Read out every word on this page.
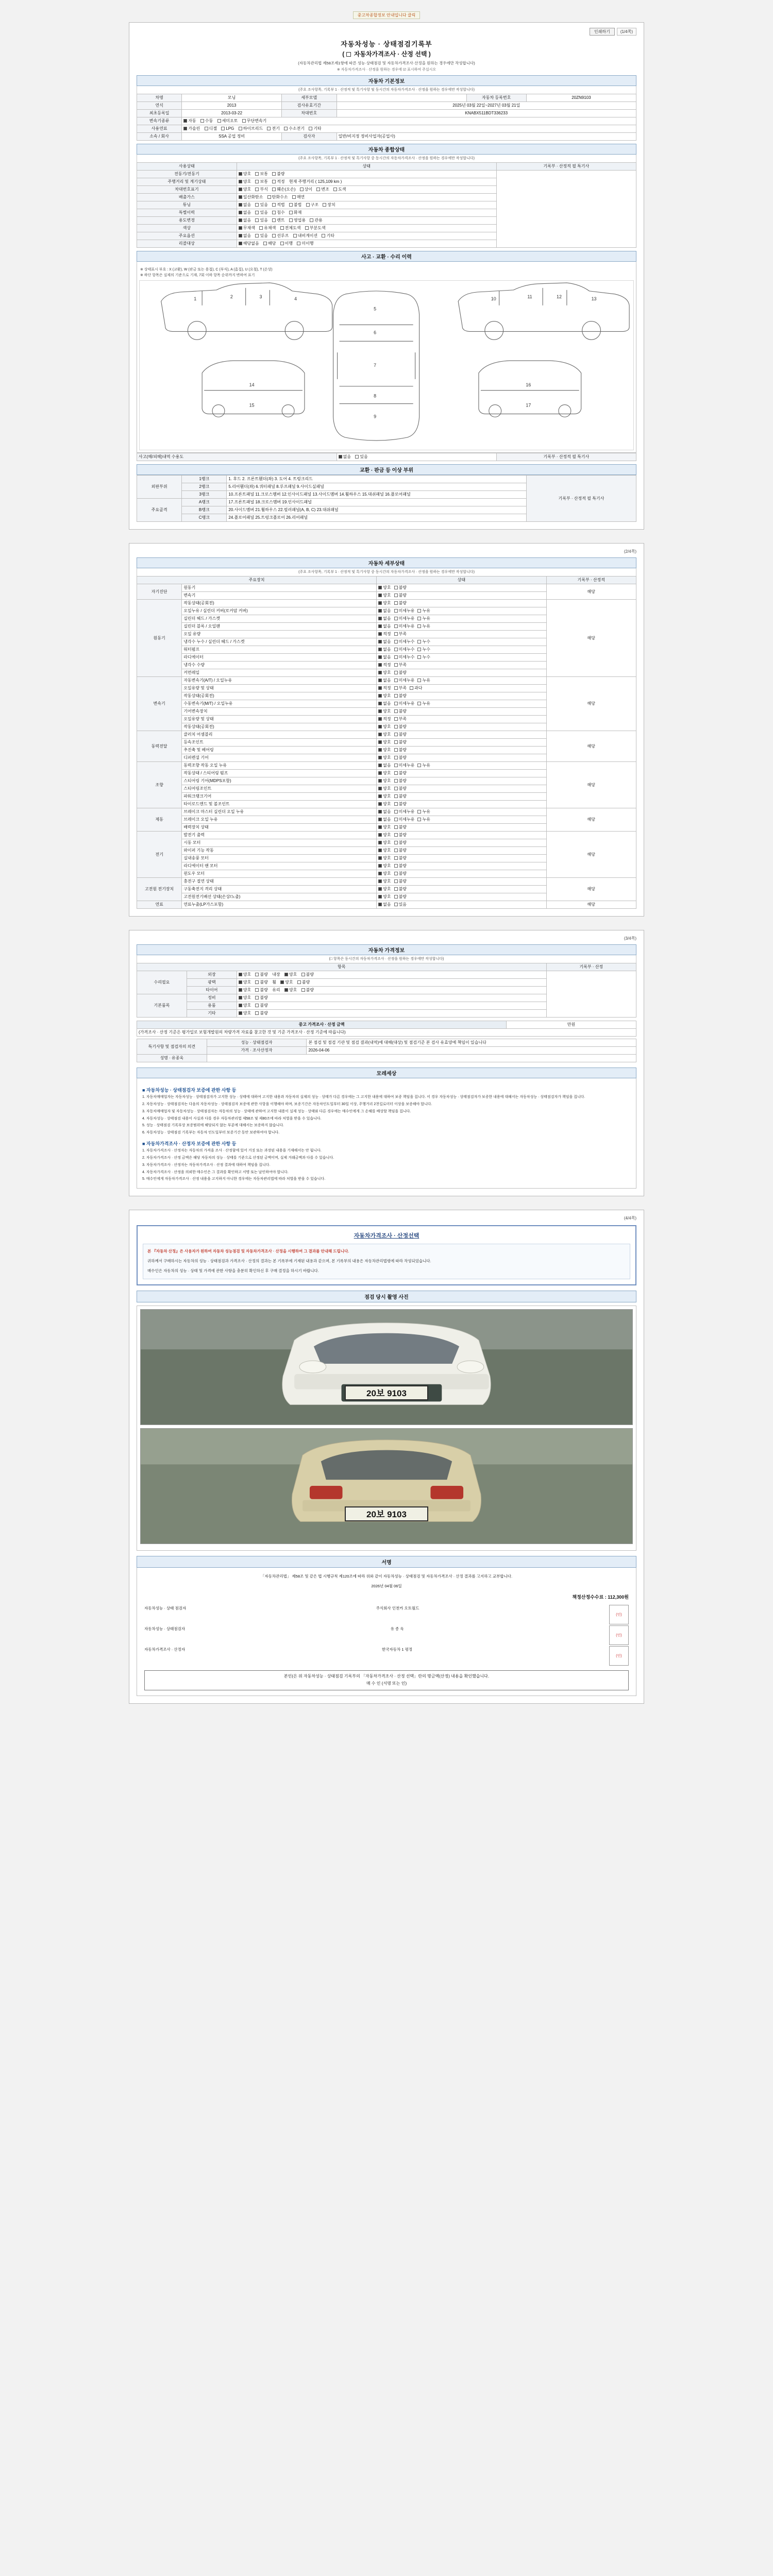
중고차종합정보 안내입니다 클릭
인쇄하기	(1/4쪽)
자동차성능 · 상태점검기록부
( 자동차가격조사 · 산정 선택 )
(자동차관리법 제58조제1항에 따른 성능·상태점검 및 자동차가격조사·산정을 원하는 경우에만 작성합니다)
※ 자동차가격조사 · 산정을 원하는 경우에 ☑ 표시하여 주십시오
자동차 기본정보
(주요 조사항목, 기록부 1 · 산정적 및 특기사항 및 동시간의 자동차가격조사 · 산정을 원하는 경우에만 작성합니다)
차명	모닝	세부모델		자동차 등록번호	20ZN9103
연식	2013	검사유효기간	2025년 03월 22일~2027년 03월 21일		
최초등록일	2013-03-22	차대번호	KNABX511BDT336233		
변속기종류	자동 수동 세미오토 무단변속기				
사용연료	가솔린 디젤 LPG 하이브리드 전기 수소전기 기타				
소속 / 회사	SSA 공업 정비	검사자	일반/비지정 정비사업자(공업사)		
자동차 종합상태
(주요 조사항목, 기록부 1 · 산정적 및 특기사항 중 동시간의 자동차가격조사 · 산정을 원하는 경우에만 작성합니다)
사용상태	상태	기록부 · 산정적 필 특기사
전동기/전동기	양호 보통 불량	
주행거리 및 계기상태	양호 보통 적정 현재 주행거리 ( 125,109 km )	
차대번호표기	양호 부식 훼손(오손) 상이 변조 도색	
배출가스	일산화탄소 탄화수소 매연	
튜닝	없음 있음 적법 불법 구조 장치	
특별이력	없음 있음 침수 화재	
용도변경	없음 있음 렌트 영업용 관용	
색상	무채색 유채색 전체도색 부분도색	
주요옵션	없음 있음 선루프 내비게이션 기타	
리콜대상	해당없음 해당 이행 미이행	
사고 · 교환 · 수리 이력
※ 상태표시 부호 : X (교환), W (판금 또는 용접), C (부식), A (흠집), U (요철), T (손상)
※ 하단 항목은 실제의 기준으로 기재, 7회 이하 항목 순위까지 변하여 표기
1	2	3	4
5
6
7
8
9
10	11	12	13
14
15
16
17
사고(해/피해)내역 수용도	없음 있음	기록부 · 산정적 필 특기사
교환 · 판금 등 이상 부위
외판부위	1랭크	1. 후드 2. 프론트휀더(좌) 3. 도어 4. 트렁크리드	기록부 · 산정적 필 특기사
	2랭크	5.리어휀더(좌) 6.쿼터패널 8.루프패널 9.사이드실패널	
	3랭크	10.프론트패널 11.크로스멤버 12.인사이드패널 13.사이드멤버 14.휠하우스 15.대쉬패널 16.플로어패널	
주요골격	A랭크	17.프론트패널 18.크로스멤버 19.인사이드패널	
	B랭크	20.사이드멤버 21.휠하우스 22.필러패널(A, B, C) 23.대쉬패널	
	C랭크	24.플로어패널 25.트렁크플로어 26.리어패널	
(2/4쪽)
자동차 세부상태
(주요 조사항목, 기록부 1 · 산정적 및 특기사항 중 동시간의 자동차가격조사 · 산정을 원하는 경우에만 작성합니다)
주요장치		상태	기록부 · 산정적
자기진단	원동기	양호 불량	해당
	변속기	양호 불량	
원동기	작동상태(공회전)	양호 불량	해당
	오일누유 / 실린더 커버(로커암 커버)	없음 미세누유 누유	
	실린더 헤드 / 가스켓	없음 미세누유 누유	
	실린더 블록 / 오일팬	없음 미세누유 누유	
	오일 유량	적정 부족	
	냉각수 누수 / 실린더 헤드 / 가스켓	없음 미세누수 누수	
	워터펌프	없음 미세누수 누수	
	라디에이터	없음 미세누수 누수	
	냉각수 수량	적정 부족	
	커먼레일	양호 불량	
변속기	자동변속기(A/T) / 오일누유	없음 미세누유 누유	해당
	오일유량 및 상태	적정 부족 과다	
	작동상태(공회전)	양호 불량	
	수동변속기(M/T) / 오일누유	없음 미세누유 누유	
	기어변속장치	양호 불량	
	오일유량 및 상태	적정 부족	
	작동상태(공회전)	양호 불량	
동력전달	클러치 어셈블리	양호 불량	해당
	등속조인트	양호 불량	
	추진축 및 베어링	양호 불량	
	디퍼렌셜 기어	양호 불량	
조향	동력조향 작동 오일 누유	없음 미세누유 누유	해당
	작동상태 / 스티어링 펌프	양호 불량	
	스티어링 기어(MDPS포함)	양호 불량	
	스티어링조인트	양호 불량	
	파워크랭크기어	양호 불량	
	타이로드엔드 및 볼조인트	양호 불량	
제동	브레이크 마스터 실린더 오일 누유	없음 미세누유 누유	해당
	브레이크 오일 누유	없음 미세누유 누유	
	배력장치 상태	양호 불량	
전기	발전기 출력	양호 불량	해당
	시동 모터	양호 불량	
	와이퍼 기능 작동	양호 불량	
	실내송풍 모터	양호 불량	
	라디에이터 팬 모터	양호 불량	
	윈도우 모터	양호 불량	
고전원 전기장치	충전구 절연 상태	양호 불량	해당
	구동축전지 격리 상태	양호 불량	
	고전원전기배선 상태(손상/노출)	양호 불량	
연료	연료누출(LP가스포함)	없음 있음	해당
(3/4쪽)
자동차 가격정보
(□ 항목은 동시간의 자동차가격조사 · 산정을 원하는 경우에만 작성합니다)
항목			기록부 · 산정
수리필요	외장	양호 불량 내장 양호 불량	
	광택	양호 불량 휠 양호 불량	
	타이어	양호 불량 유리 양호 불량	
기본품목	정비	양호 불량	
	용품	양호 불량	
	기타	양호 불량	
중고 가격조사 · 산정 금액	만원
(가격조사 · 산정 기준은 평가일로 보험개발원의 차량가격 자료를 참고한 것 및 기준 가격조사 · 산정 기준에 따릅니다)
특기사항 및 점검자의 의견	성능 · 상태점검자	본 점검 및 점검 기관 및 점검 결과(내역)에 대해(대상) 및 점검기준 본 검사 유효양에 책임이 있습니다
	가격 · 조사산정자	2026-04-06
성명 · 유종욱		
모레세상
■ 자동차성능 · 상태점검자 보증에 관한 사항 등

1. 자동차매매업자는 자동차성능 · 상태점검자가 고지한 성능 · 상태에 대하여 고지한 내용과 자동차의 실제의 성능 · 상태가 다른 경우에는 그 고지한 내용에 대하여 보증 책임을 집니다. 이 경우 자동차성능 · 상태점검자가 보증한 내용에 대해서는 자동차성능 · 상태점검자가 책임을 집니다.

2. 자동차성능 · 상태점검자는 다음의 자동차성능 · 상태점검자 보증에 관한 사항을 이행해야 하며, 보증기간은 자동차인도일부터 30일 이상, 주행거리 2천킬로미터 이상을 보증해야 합니다.

3. 자동차매매업자 및 자동차성능 · 상태점검자는 자동차의 성능 · 상태에 관하여 고지한 내용이 실제 성능 · 상태와 다른 경우에는 매수인에게 그 손해를 배상할 책임을 집니다.

4. 자동차성능 · 상태점검 내용이 사실과 다를 경우 자동차관리법 제58조 및 제80조에 따라 처벌을 받을 수 있습니다.

5. 성능 · 상태점검 기록부상 보증범위에 해당되지 않는 부분에 대해서는 보증하지 않습니다.

6. 자동차성능 · 상태점검 기록부는 자동차 인도일부터 보증기간 동안 보관하여야 합니다.

■ 자동차가격조사 · 산정자 보증에 관한 사항 등

1. 자동차가격조사 · 산정자는 자동차의 가격을 조사 · 산정함에 있어 거짓 또는 과장된 내용을 기재해서는 안 됩니다.

2. 자동차가격조사 · 산정 금액은 해당 자동차의 성능 · 상태를 기준으로 산정된 금액이며, 실제 거래금액과 다를 수 있습니다.

3. 자동차가격조사 · 산정자는 자동차가격조사 · 산정 결과에 대하여 책임을 집니다.

4. 자동차가격조사 · 산정을 의뢰한 매수인은 그 결과를 확인하고 서명 또는 날인하여야 합니다.

5. 매수인에게 자동차가격조사 · 산정 내용을 고지하지 아니한 경우에는 자동차관리법에 따라 처벌을 받을 수 있습니다.

(4/4쪽)
자동차가격조사 · 산정선택

본 『자동차 산정』은 사용자가 원하여 자동차 성능점검 및 자동차가격조사 · 산정을 시행하여 그 결과를 안내해 드립니다.

귀하께서 구매하시는 자동차의 성능 · 상태점검과 가격조사 · 산정의 결과는 본 기록부에 기재된 내용과 같으며, 본 기록부의 내용은 자동차관리법령에 따라 작성되었습니다.

매수인은 자동차의 성능 · 상태 및 가격에 관한 사항을 충분히 확인하신 후 구매 결정을 하시기 바랍니다.

점검 당시 촬영 사진
20보 9103
20보 9103
서명
「자동차관리법」 제58조 및 같은 법 시행규칙 제120조에 따라 위와 같이 자동차성능 · 상태점검 및 자동차가격조사 · 산정 결과를 고지하고 교부합니다.
2026년 04월 06일
책정산정수수료 : 112,300원
자동차성능 · 상태 점검자	주식회사 인천카 오토월드
(인)
자동차성능 · 상태점검자	유 종 욱
(인)
자동차가격조사 · 산정자	한국자동차 1 평정
(인)
본인(은 위 자동차성능 · 상태점검 기록부의 「자동차가격조사 · 산정 선택」란의 명금액(산정) 내용을 확인했습니다.
매 수 인 (서명 또는 인)
